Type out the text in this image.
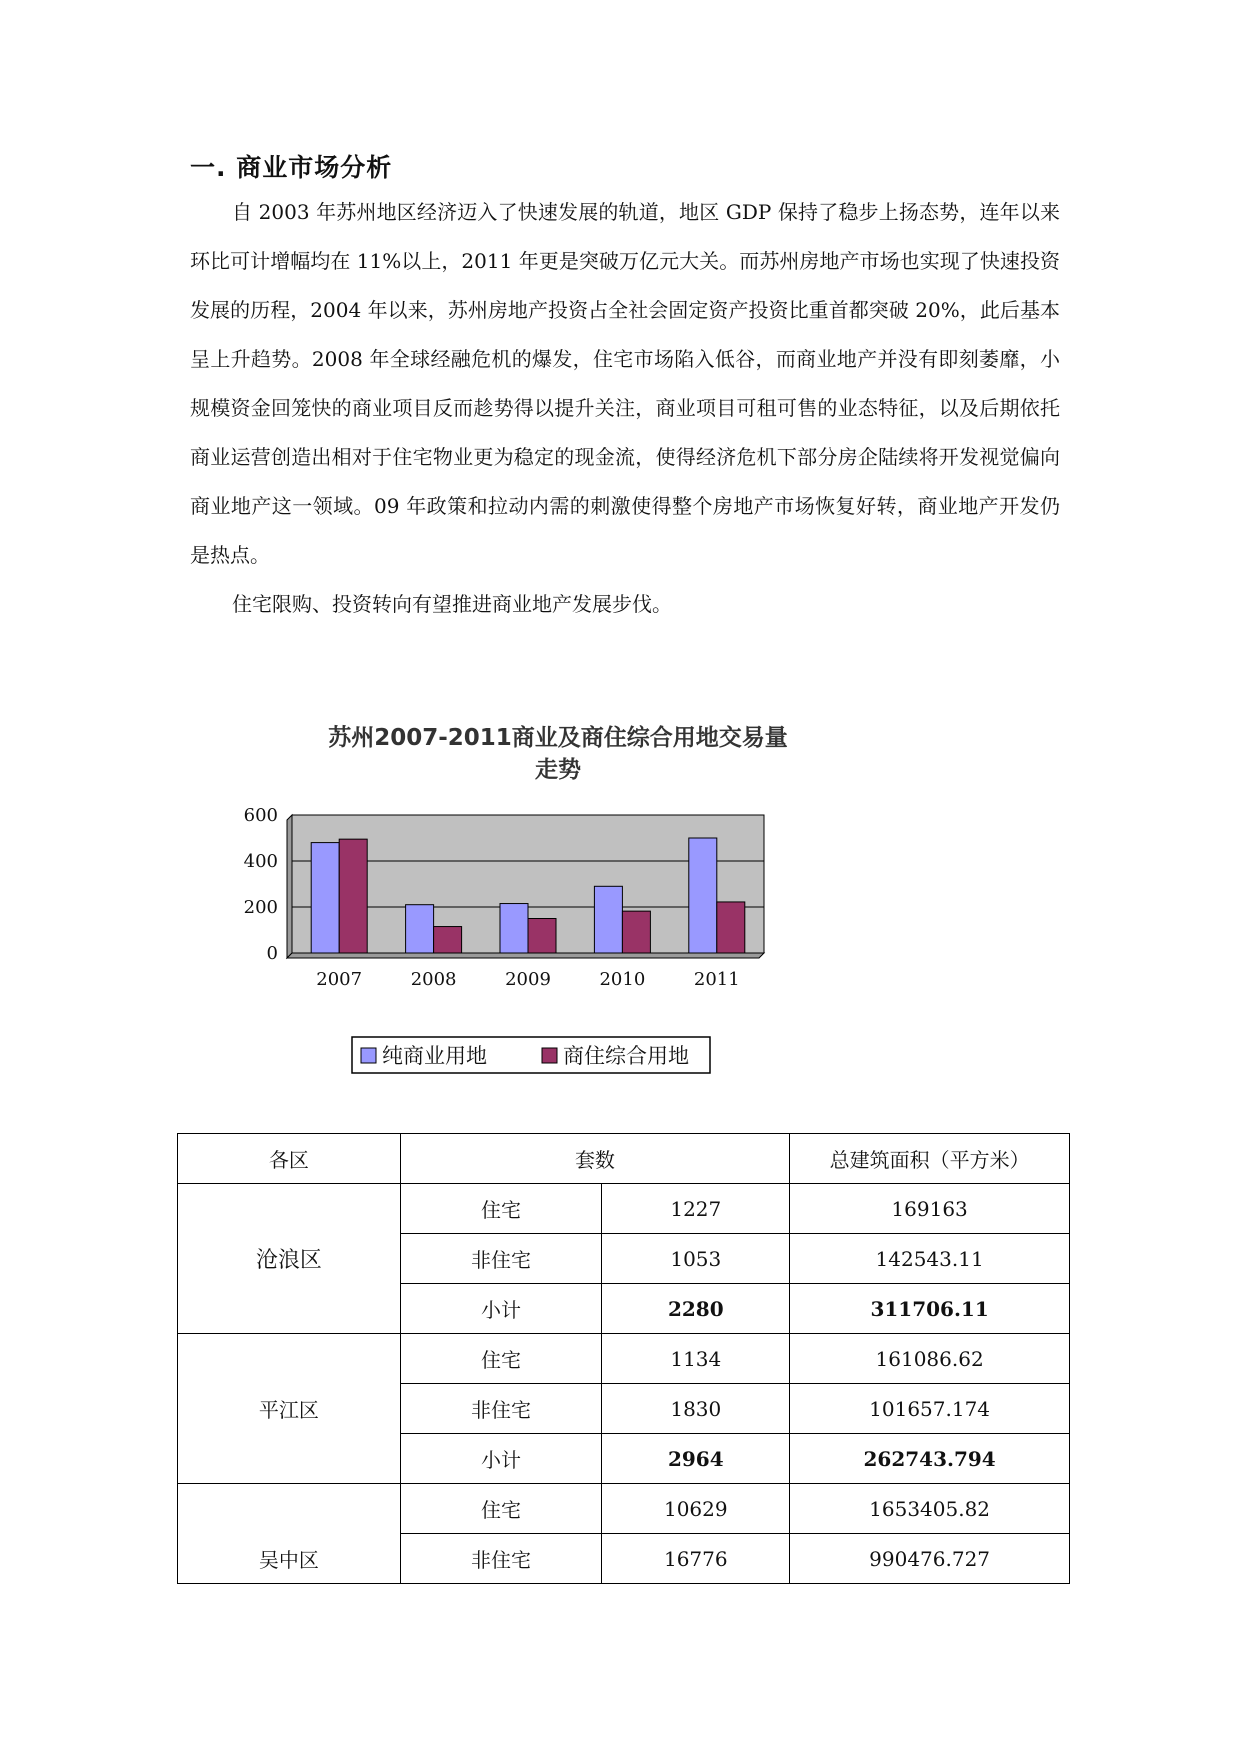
一. 商业市场分析

自 2003 年苏州地区经济迈入了快速发展的轨道，地区 GDP 保持了稳步上扬态势，连年以来环比可计增幅均在 11%以上，2011 年更是突破万亿元大关。而苏州房地产市场也实现了快速投资发展的历程，2004 年以来，苏州房地产投资占全社会固定资产投资比重首都突破 20%，此后基本呈上升趋势。2008 年全球经融危机的爆发，住宅市场陷入低谷，而商业地产并没有即刻萎靡，小规模资金回笼快的商业项目反而趁势得以提升关注，商业项目可租可售的业态特征，以及后期依托商业运营创造出相对于住宅物业更为稳定的现金流，使得经济危机下部分房企陆续将开发视觉偏向商业地产这一领域。09 年政策和拉动内需的刺激使得整个房地产市场恢复好转，商业地产开发仍是热点。

住宅限购、投资转向有望推进商业地产发展步伐。

苏州2007-2011商业及商住综合用地交易量
走势
0
200
400
600
2007	2008	2009	2010	2011
纯商业用地	商住综合用地
各区	套数		总建筑面积（平方米）
沧浪区	住宅	1227	169163
	非住宅	1053	142543.11
	小计	2280	311706.11
平江区	住宅	1134	161086.62
	非住宅	1830	101657.174
	小计	2964	262743.794
吴中区	住宅	10629	1653405.82
	非住宅	16776	990476.727
